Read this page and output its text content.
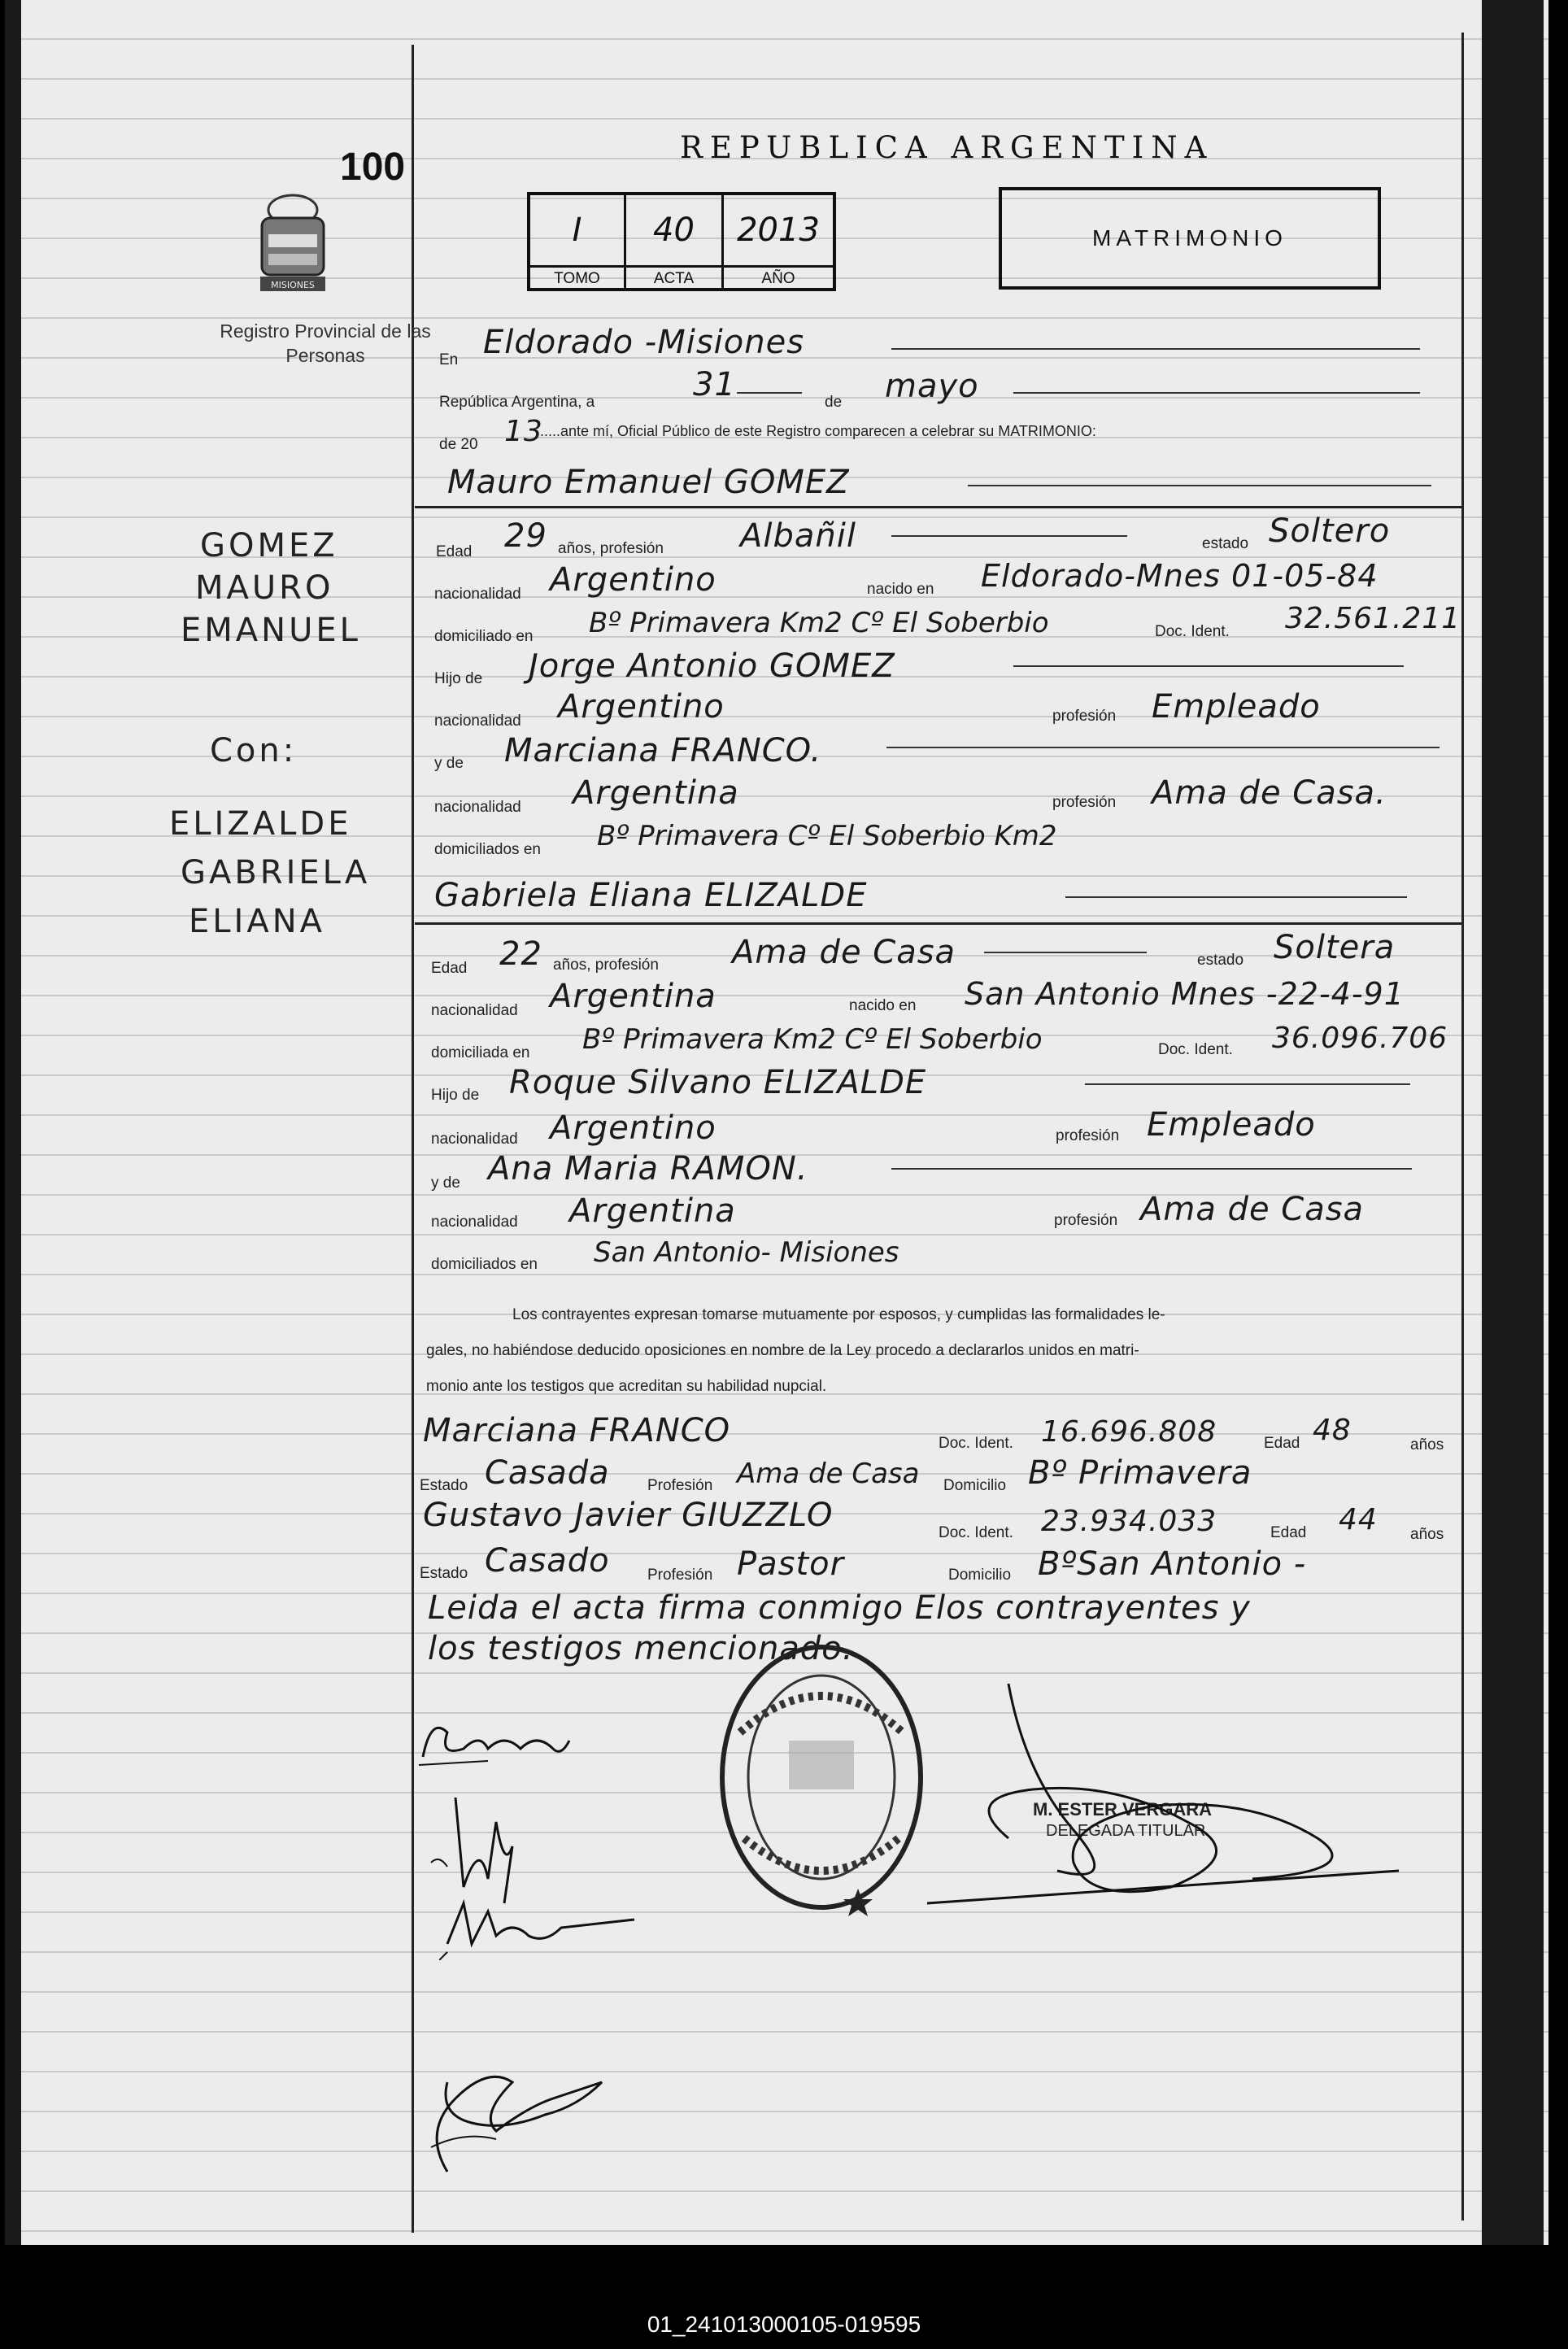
100	REPUBLICA ARGENTINA
MISIONES
Registro Provincial de las Personas
I	40	2013
TOMO	ACTA	AÑO
MATRIMONIO
GOMEZ
MAURO
EMANUEL
Con:
ELIZALDE
GABRIELA
ELIANA
En Eldorado -Misiones
República Argentina, a	31	de mayo
de 20 13
.....ante mí, Oficial Público de este Registro comparecen a celebrar su MATRIMONIO:
Mauro Emanuel GOMEZ
Edad 29 años, profesión Albañil	estado Soltero
nacionalidad Argentino	nacido en Eldorado-Mnes 01-05-84
domiciliado en Bº Primavera Km2 Cº El Soberbio	Doc. Ident. 32.561.211
Hijo de Jorge Antonio GOMEZ
nacionalidad Argentino	profesión Empleado
y de Marciana FRANCO.
nacionalidad Argentina	profesión Ama de Casa.
domiciliados en Bº Primavera Cº El Soberbio Km2
Gabriela Eliana ELIZALDE
Edad 22 años, profesión Ama de Casa	estado Soltera
nacionalidad Argentina	nacido en San Antonio Mnes -22-4-91
domiciliada en Bº Primavera Km2 Cº El Soberbio	Doc. Ident. 36.096.706
Hijo de Roque Silvano ELIZALDE
nacionalidad Argentino	profesión Empleado
y de Ana Maria RAMON.
nacionalidad Argentina	profesión Ama de Casa
domiciliados en San Antonio- Misiones
Los contrayentes expresan tomarse mutuamente por esposos, y cumplidas las formalidades le-
gales, no habiéndose deducido oposiciones en nombre de la Ley procedo a declararlos unidos en matri-
monio ante los testigos que acreditan su habilidad nupcial.
Marciana FRANCO	Doc. Ident. 16.696.808	Edad 48	años
Estado Casada Profesión Ama de Casa Domicilio Bº Primavera
Gustavo Javier GIUZZLO	Doc. Ident. 23.934.033	Edad 44 años
Estado Casado Profesión Pastor	Domicilio BºSan Antonio -
Leida el acta firma conmigo Elos contrayentes y
los testigos mencionado.
M. ESTER VERGARA
DELEGADA TITULAR
01_241013000105-019595
